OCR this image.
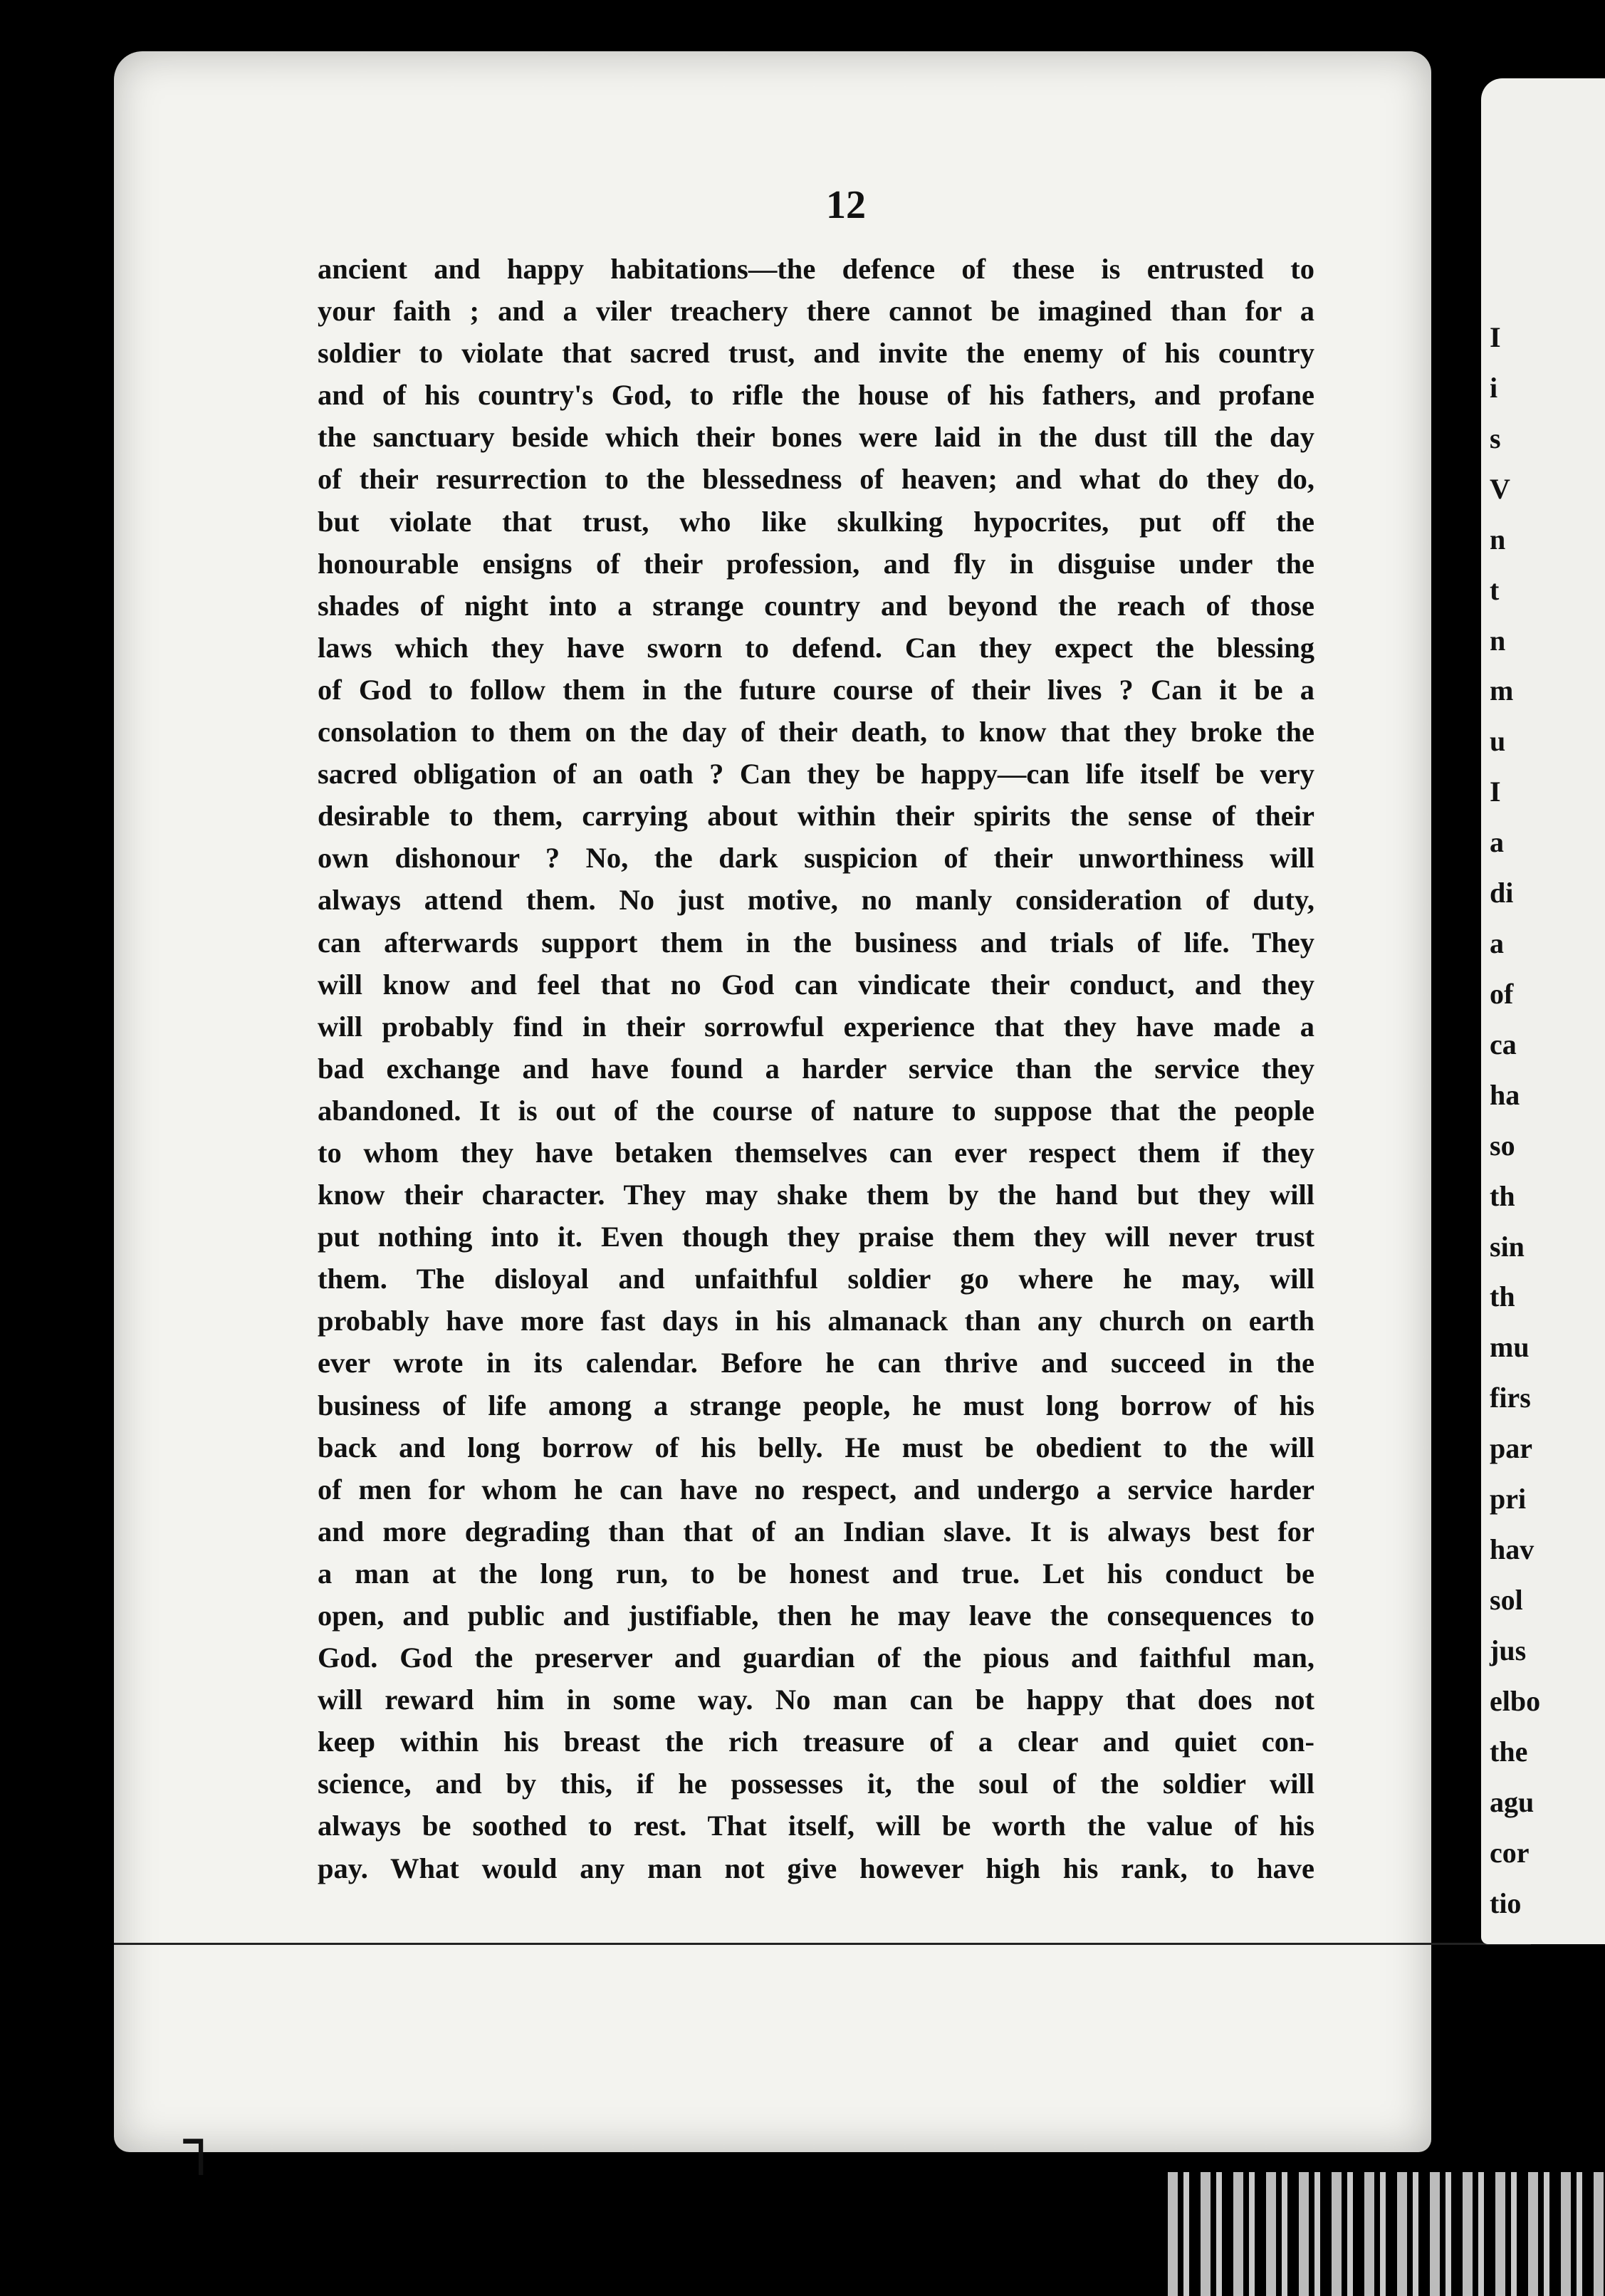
12
ancient and happy habitations—the defence of these is entrusted to
your faith ; and a viler treachery there cannot be imagined than for a
soldier to violate that sacred trust, and invite the enemy of his country
and of his country's God, to rifle the house of his fathers, and profane
the sanctuary beside which their bones were laid in the dust till the day
of their resurrection to the blessedness of heaven; and what do they do,
but violate that trust, who like skulking hypocrites, put off the
honourable ensigns of their profession, and fly in disguise under the
shades of night into a strange country and beyond the reach of those
laws which they have sworn to defend. Can they expect the blessing
of God to follow them in the future course of their lives ? Can it be a
consolation to them on the day of their death, to know that they broke the
sacred obligation of an oath ? Can they be happy—can life itself be very
desirable to them, carrying about within their spirits the sense of their
own dishonour ? No, the dark suspicion of their unworthiness will
always attend them. No just motive, no manly consideration of duty,
can afterwards support them in the business and trials of life. They
will know and feel that no God can vindicate their conduct, and they
will probably find in their sorrowful experience that they have made a
bad exchange and have found a harder service than the service they
abandoned. It is out of the course of nature to suppose that the people
to whom they have betaken themselves can ever respect them if they
know their character. They may shake them by the hand but they will
put nothing into it. Even though they praise them they will never trust
them. The disloyal and unfaithful soldier go where he may, will
probably have more fast days in his almanack than any church on earth
ever wrote in its calendar. Before he can thrive and succeed in the
business of life among a strange people, he must long borrow of his
back and long borrow of his belly. He must be obedient to the will
of men for whom he can have no respect, and undergo a service harder
and more degrading than that of an Indian slave. It is always best for
a man at the long run, to be honest and true. Let his conduct be
open, and public and justifiable, then he may leave the consequences to
God. God the preserver and guardian of the pious and faithful man,
will reward him in some way. No man can be happy that does not
keep within his breast the rich treasure of a clear and quiet con-
science, and by this, if he possesses it, the soul of the soldier will
always be soothed to rest. That itself, will be worth the value of his
pay. What would any man not give however high his rank, to have
I
i
s
V
n
t
n
m
u
I
a
di
a
of
ca
ha
so
th
sin
th
mu
firs
par
pri
hav
sol
jus
elbo
the
agu
cor
tio
┐
